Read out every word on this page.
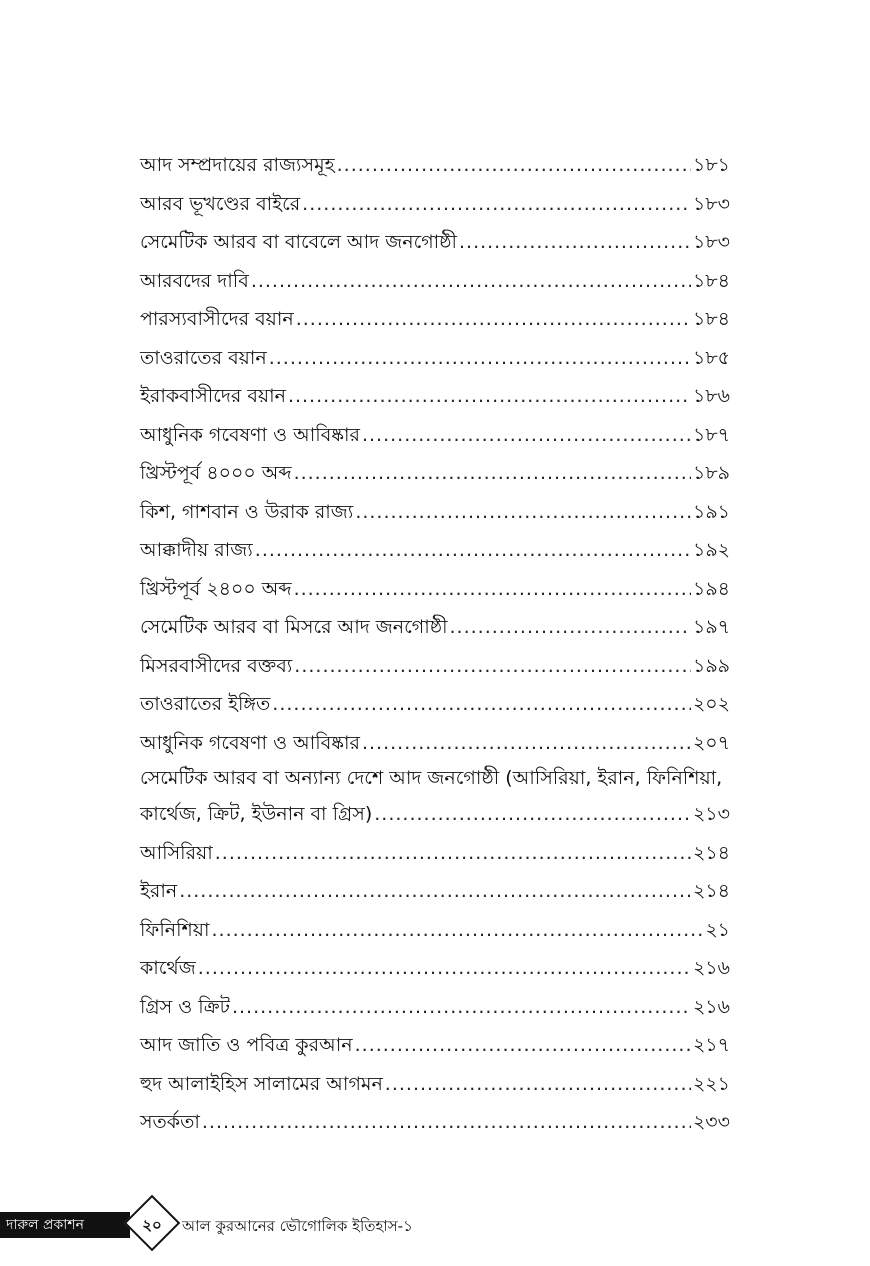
আদ সম্প্রদায়ের রাজ্যসমূহ .....	১৮১
আরব ভূখণ্ডের বাইরে .....	১৮৩
সেমেটিক আরব বা বাবেলে আদ জনগোষ্ঠী .....	১৮৩
আরবদের দাবি .....	১৮৪
পারস্যবাসীদের বয়ান .....	১৮৪
তাওরাতের বয়ান .....	১৮৫
ইরাকবাসীদের বয়ান .....	১৮৬
আধুনিক গবেষণা ও আবিষ্কার .....	১৮৭
খ্রিস্টপূর্ব ৪০০০ অব্দ .....	১৮৯
কিশ, গাশবান ও উরাক রাজ্য .....	১৯১
আক্কাদীয় রাজ্য .....	১৯২
খ্রিস্টপূর্ব ২৪০০ অব্দ .....	১৯৪
সেমেটিক আরব বা মিসরে আদ জনগোষ্ঠী .....	১৯৭
মিসরবাসীদের বক্তব্য .....	১৯৯
তাওরাতের ইঙ্গিত .....	২০২
আধুনিক গবেষণা ও আবিষ্কার .....	২০৭
সেমেটিক আরব বা অন্যান্য দেশে আদ জনগোষ্ঠী (আসিরিয়া, ইরান, ফিনিশিয়া,
কার্থেজ, ক্রিট, ইউনান বা গ্রিস) .....	২১৩
আসিরিয়া .....	২১৪
ইরান .....	২১৪
ফিনিশিয়া .....	২১
কার্থেজ .....	২১৬
গ্রিস ও ক্রিট .....	২১৬
আদ জাতি ও পবিত্র কুরআন .....	২১৭
হুদ আলাইহিস সালামের আগমন .....	২২১
সতর্কতা .....	২৩৩
দারুল প্রকাশন	২০	আল কুরআনের ভৌগোলিক ইতিহাস-১
